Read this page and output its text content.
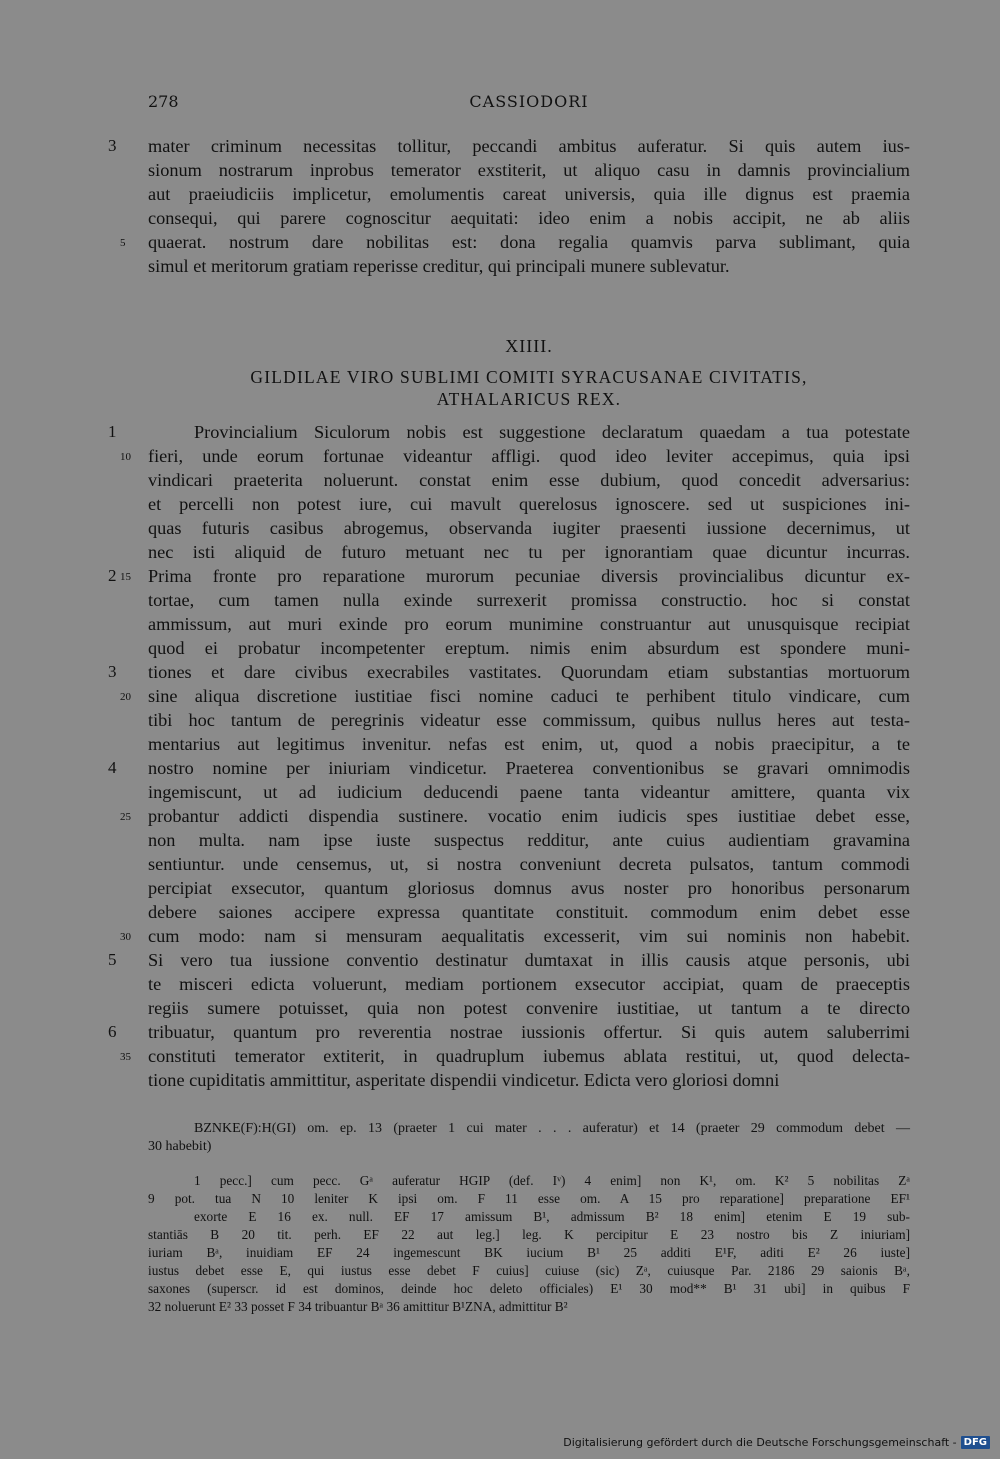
278	CASSIODORI
3	mater criminum necessitas tollitur, peccandi ambitus auferatur. Si quis autem ius-
sionum nostrarum inprobus temerator exstiterit, ut aliquo casu in damnis provincialium
aut praeiudiciis implicetur, emolumentis careat universis, quia ille dignus est praemia
consequi, qui parere cognoscitur aequitati: ideo enim a nobis accipit, ne ab aliis
5	quaerat. nostrum dare nobilitas est: dona regalia quamvis parva sublimant, quia
simul et meritorum gratiam reperisse creditur, qui principali munere sublevatur.
XIIII.
GILDILAE VIRO SUBLIMI COMITI SYRACUSANAE CIVITATIS,
ATHALARICUS REX.
1	Provincialium Siculorum nobis est suggestione declaratum quaedam a tua potestate
10 fieri, unde eorum fortunae videantur affligi. quod ideo leviter accepimus, quia ipsi
vindicari praeterita noluerunt. constat enim esse dubium, quod concedit adversarius:
et percelli non potest iure, cui mavult querelosus ignoscere. sed ut suspiciones ini-
quas futuris casibus abrogemus, observanda iugiter praesenti iussione decernimus, ut
nec isti aliquid de futuro metuant nec tu per ignorantiam quae dicuntur incurras.
2 15 Prima fronte pro reparatione murorum pecuniae diversis provincialibus dicuntur ex-
tortae, cum tamen nulla exinde surrexerit promissa constructio. hoc si constat
ammissum, aut muri exinde pro eorum munimine construantur aut unusquisque recipiat
quod ei probatur incompetenter ereptum. nimis enim absurdum est spondere muni-
3	tiones et dare civibus execrabiles vastitates. Quorundam etiam substantias mortuorum
20 sine aliqua discretione iustitiae fisci nomine caduci te perhibent titulo vindicare, cum
tibi hoc tantum de peregrinis videatur esse commissum, quibus nullus heres aut testa-
mentarius aut legitimus invenitur. nefas est enim, ut, quod a nobis praecipitur, a te
4	nostro nomine per iniuriam vindicetur. Praeterea conventionibus se gravari omnimodis
ingemiscunt, ut ad iudicium deducendi paene tanta videantur amittere, quanta vix
25 probantur addicti dispendia sustinere. vocatio enim iudicis spes iustitiae debet esse,
non multa. nam ipse iuste suspectus redditur, ante cuius audientiam gravamina
sentiuntur. unde censemus, ut, si nostra conveniunt decreta pulsatos, tantum commodi
percipiat exsecutor, quantum gloriosus domnus avus noster pro honoribus personarum
debere saiones accipere expressa quantitate constituit. commodum enim debet esse
30 cum modo: nam si mensuram aequalitatis excesserit, vim sui nominis non habebit.
5	Si vero tua iussione conventio destinatur dumtaxat in illis causis atque personis, ubi
te misceri edicta voluerunt, mediam portionem exsecutor accipiat, quam de praeceptis
regiis sumere potuisset, quia non potest convenire iustitiae, ut tantum a te directo
6	tribuatur, quantum pro reverentia nostrae iussionis offertur. Si quis autem saluberrimi
35 constituti temerator extiterit, in quadruplum iubemus ablata restitui, ut, quod delecta-
tione cupiditatis ammittitur, asperitate dispendii vindicetur. Edicta vero gloriosi domni
BZNKE(F):H(GI) om. ep. 13 (praeter 1 cui mater . . . auferatur) et 14 (praeter 29 commodum debet —
30 habebit)
1 pecc.] cum pecc. Gᵃ auferatur HGIP (def. Iᵛ) 4 enim] non K¹, om. K² 5 nobilitas Zᵃ
9 pot. tua N 10 leniter K ipsi om. F 11 esse om. A 15 pro reparatione] preparatione EF¹
exorte E 16 ex. null. EF 17 amissum B¹, admissum B² 18 enim] etenim E 19 sub-
stantiās B 20 tit. perh. EF 22 aut leg.] leg. K percipitur E 23 nostro bis Z iniuriam]
iuriam Bᵃ, inuidiam EF 24 ingemescunt BK iucium B¹ 25 additi E¹F, aditi E² 26 iuste]
iustus debet esse E, qui iustus esse debet F cuius] cuiuse (sic) Zᵃ, cuiusque Par. 2186 29 saionis Bᵃ,
saxones (superscr. id est dominos, deinde hoc deleto officiales) E¹ 30 mod** B¹ 31 ubi] in quibus F
32 noluerunt E² 33 posset F 34 tribuantur Bᵃ 36 amittitur B¹ZNA, admittitur B²
Digitalisierung gefördert durch die Deutsche Forschungsgemeinschaft - DFG
